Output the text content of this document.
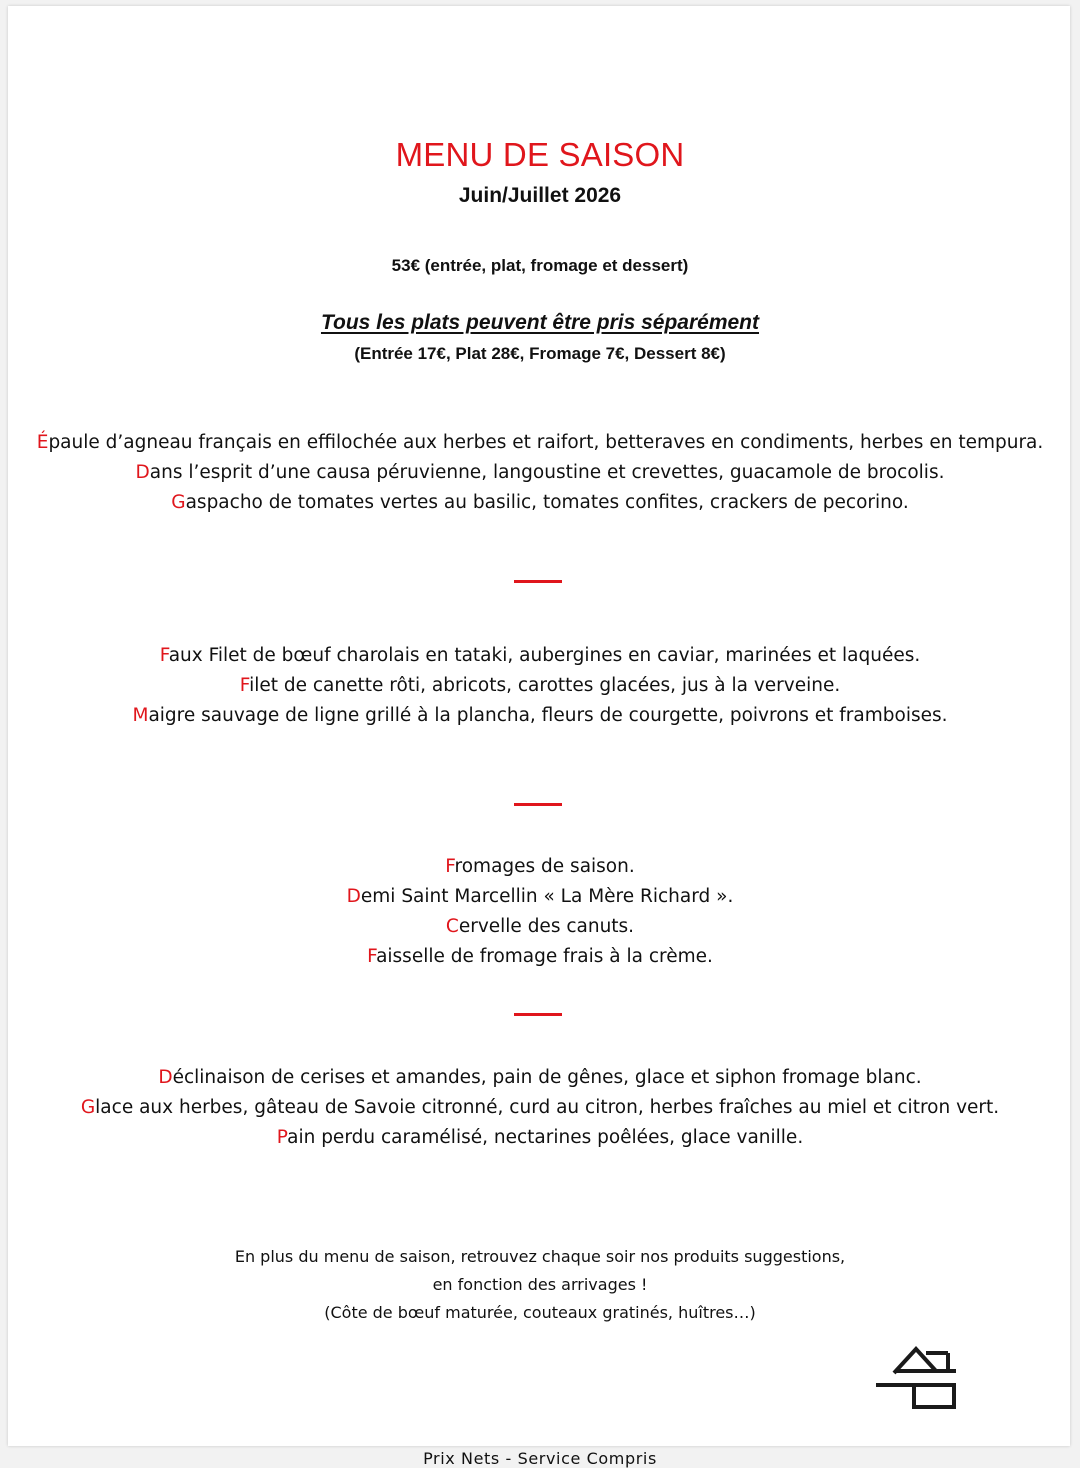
MENU DE SAISON
Juin/Juillet 2026
53€ (entrée, plat, fromage et dessert)
Tous les plats peuvent être pris séparément
(Entrée 17€, Plat 28€, Fromage 7€, Dessert 8€)
Épaule d’agneau français en effilochée aux herbes et raifort, betteraves en condiments, herbes en tempura.
Dans l’esprit d’une causa péruvienne, langoustine et crevettes, guacamole de brocolis.
Gaspacho de tomates vertes au basilic, tomates confites, crackers de pecorino.
Faux Filet de bœuf charolais en tataki, aubergines en caviar, marinées et laquées.
Filet de canette rôti, abricots, carottes glacées, jus à la verveine.
Maigre sauvage de ligne grillé à la plancha, fleurs de courgette, poivrons et framboises.
Fromages de saison.
Demi Saint Marcellin « La Mère Richard ».
Cervelle des canuts.
Faisselle de fromage frais à la crème.
Déclinaison de cerises et amandes, pain de gênes, glace et siphon fromage blanc.
Glace aux herbes, gâteau de Savoie citronné, curd au citron, herbes fraîches au miel et citron vert.
Pain perdu caramélisé, nectarines poêlées, glace vanille.
En plus du menu de saison, retrouvez chaque soir nos produits suggestions,
en fonction des arrivages !
(Côte de bœuf maturée, couteaux gratinés, huîtres…)
Prix Nets - Service Compris
